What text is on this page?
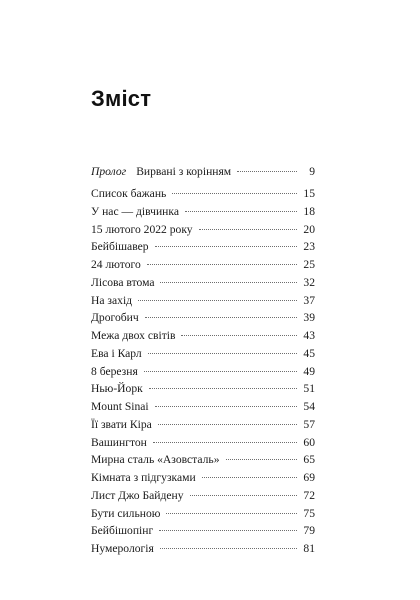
Зміст
Пролог Вирвані з корінням	9
Список бажань	15
У нас — дівчинка	18
15 лютого 2022 року	20
Бейбішавер	23
24 лютого	25
Лісова втома	32
На захід	37
Дрогобич	39
Межа двох світів	43
Ева і Карл	45
8 березня	49
Нью-Йорк	51
Mount Sinai	54
Її звати Кіра	57
Вашингтон	60
Мирна сталь «Азовсталь»	65
Кімната з підгузками	69
Лист Джо Байдену	72
Бути сильною	75
Бейбішопінг	79
Нумерологія	81
